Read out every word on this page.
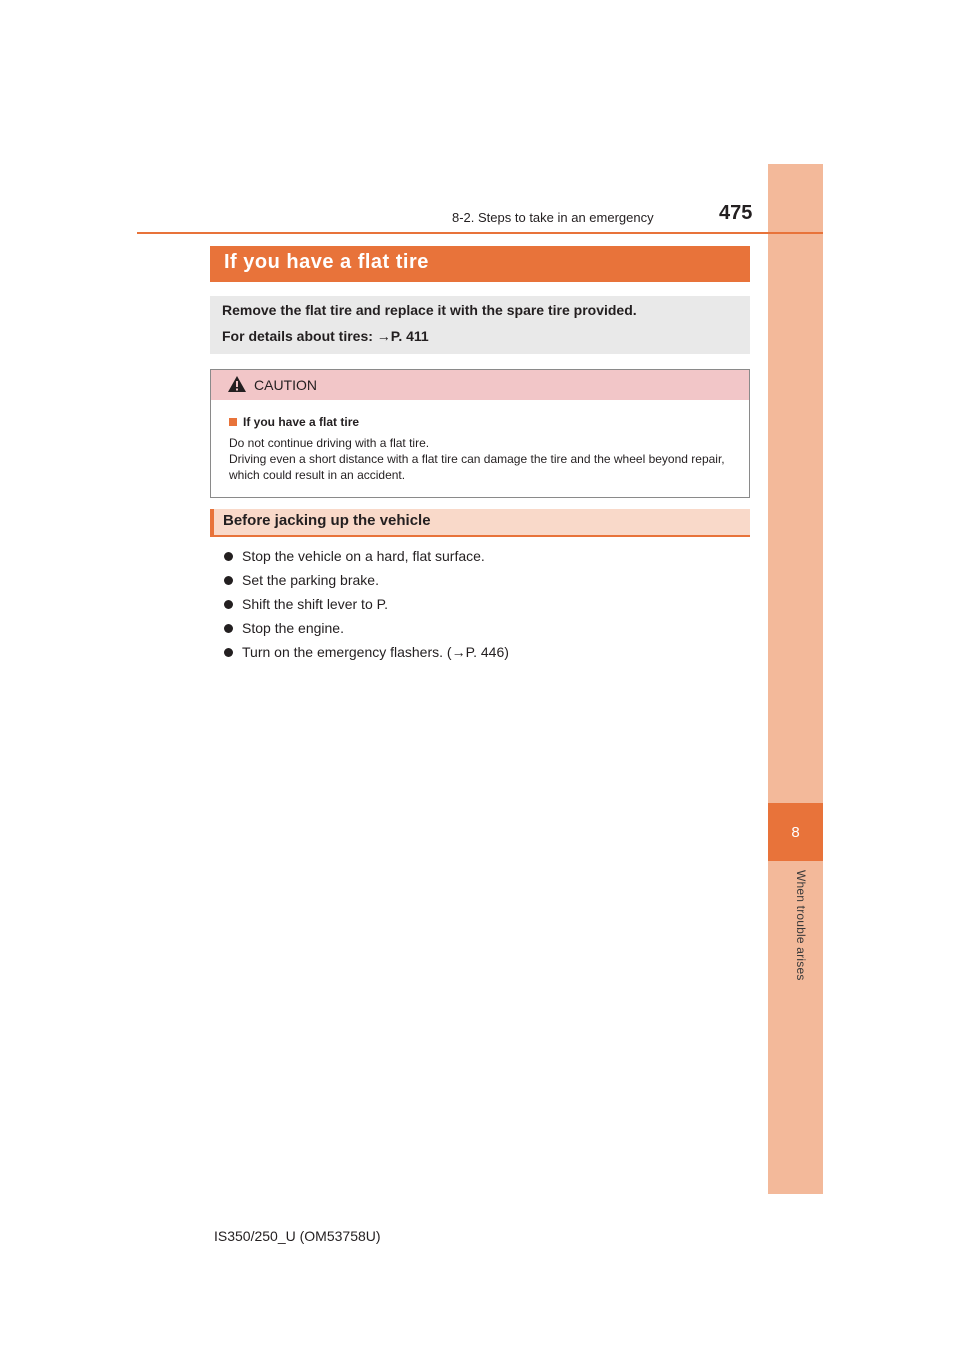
8
When trouble arises
8-2. Steps to take in an emergency	475
If you have a flat tire
Remove the flat tire and replace it with the spare tire provided.
For details about tires: →P. 411
CAUTION
If you have a flat tire
Do not continue driving with a flat tire.
Driving even a short distance with a flat tire can damage the tire and the wheel beyond repair, which could result in an accident.
Before jacking up the vehicle
Stop the vehicle on a hard, flat surface.
Set the parking brake.
Shift the shift lever to P.
Stop the engine.
Turn on the emergency flashers. (→P. 446)
IS350/250_U (OM53758U)
